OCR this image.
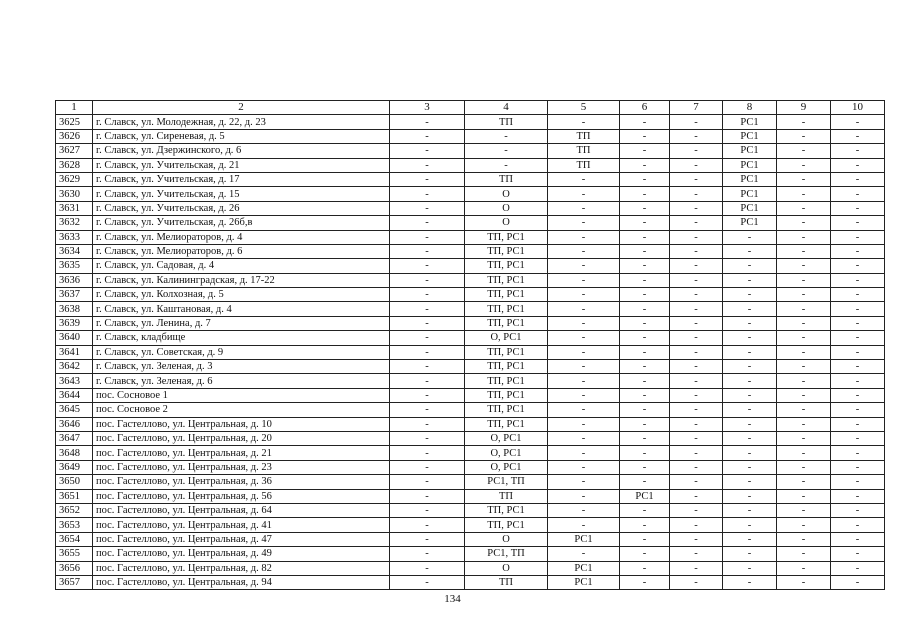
1	2	3	4	5	6	7	8	9	10
3625	г. Славск, ул. Молодежная, д. 22, д. 23	-	ТП	-	-	-	РС1	-	-
3626	г. Славск, ул. Сиреневая, д. 5	-	-	ТП	-	-	РС1	-	-
3627	г. Славск, ул. Дзержинского, д. 6	-	-	ТП	-	-	РС1	-	-
3628	г. Славск, ул. Учительская, д. 21	-	-	ТП	-	-	РС1	-	-
3629	г. Славск, ул. Учительская, д. 17	-	ТП	-	-	-	РС1	-	-
3630	г. Славск, ул. Учительская, д. 15	-	О	-	-	-	РС1	-	-
3631	г. Славск, ул. Учительская, д. 26	-	О	-	-	-	РС1	-	-
3632	г. Славск, ул. Учительская, д. 26б,в	-	О	-	-	-	РС1	-	-
3633	г. Славск, ул. Мелиораторов, д. 4	-	ТП, РС1	-	-	-	-	-	-
3634	г. Славск, ул. Мелиораторов, д. 6	-	ТП, РС1	-	-	-	-	-	-
3635	г. Славск, ул. Садовая, д. 4	-	ТП, РС1	-	-	-	-	-	-
3636	г. Славск, ул. Калининградская, д. 17-22	-	ТП, РС1	-	-	-	-	-	-
3637	г. Славск, ул. Колхозная, д. 5	-	ТП, РС1	-	-	-	-	-	-
3638	г. Славск, ул. Каштановая, д. 4	-	ТП, РС1	-	-	-	-	-	-
3639	г. Славск, ул. Ленина, д. 7	-	ТП, РС1	-	-	-	-	-	-
3640	г. Славск, кладбище	-	О, РС1	-	-	-	-	-	-
3641	г. Славск, ул. Советская, д. 9	-	ТП, РС1	-	-	-	-	-	-
3642	г. Славск, ул. Зеленая, д. 3	-	ТП, РС1	-	-	-	-	-	-
3643	г. Славск, ул. Зеленая, д. 6	-	ТП, РС1	-	-	-	-	-	-
3644	пос. Сосновое 1	-	ТП, РС1	-	-	-	-	-	-
3645	пос. Сосновое 2	-	ТП, РС1	-	-	-	-	-	-
3646	пос. Гастеллово, ул. Центральная, д. 10	-	ТП, РС1	-	-	-	-	-	-
3647	пос. Гастеллово, ул. Центральная, д. 20	-	О, РС1	-	-	-	-	-	-
3648	пос. Гастеллово, ул. Центральная, д. 21	-	О, РС1	-	-	-	-	-	-
3649	пос. Гастеллово, ул. Центральная, д. 23	-	О, РС1	-	-	-	-	-	-
3650	пос. Гастеллово, ул. Центральная, д. 36	-	РС1, ТП	-	-	-	-	-	-
3651	пос. Гастеллово, ул. Центральная, д. 56	-	ТП	-	РС1	-	-	-	-
3652	пос. Гастеллово, ул. Центральная, д. 64	-	ТП, РС1	-	-	-	-	-	-
3653	пос. Гастеллово, ул. Центральная, д. 41	-	ТП, РС1	-	-	-	-	-	-
3654	пос. Гастеллово, ул. Центральная, д. 47	-	О	РС1	-	-	-	-	-
3655	пос. Гастеллово, ул. Центральная, д. 49	-	РС1, ТП	-	-	-	-	-	-
3656	пос. Гастеллово, ул. Центральная, д. 82	-	О	РС1	-	-	-	-	-
3657	пос. Гастеллово, ул. Центральная, д. 94	-	ТП	РС1	-	-	-	-	-
134
